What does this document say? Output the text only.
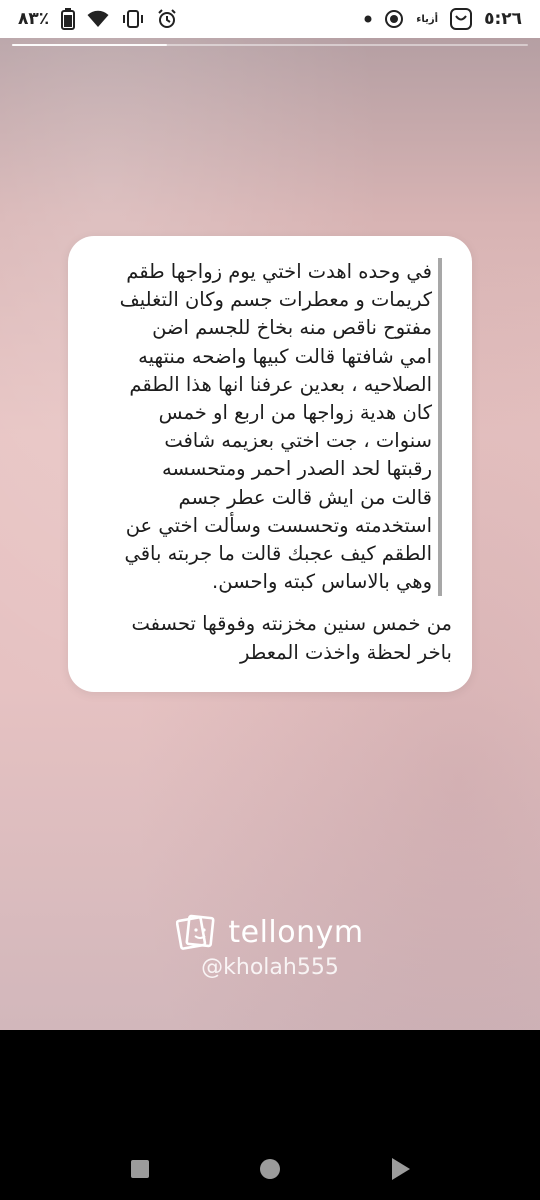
٨٣٪	أزياء	٥:٢٦
في وحده اهدت اختي يوم زواجها طقم
كريمات و معطرات جسم وكان التغليف
مفتوح ناقص منه بخاخ للجسم اضن
امي شافتها قالت كبيها واضحه منتهيه
الصلاحيه ، بعدين عرفنا انها هذا الطقم
كان هدية زواجها من اربع او خمس
سنوات ، جت اختي بعزيمه شافت
رقبتها لحد الصدر احمر ومتحسسه
قالت من ايش قالت عطر جسم
استخدمته وتحسست وسألت اختي عن
الطقم كيف عجبك قالت ما جربته باقي
وهي بالاساس كبته واحسن.
من خمس سنين مخزنته وفوقها تحسفت
باخر لحظة واخذت المعطر
tellonym
@kholah555
